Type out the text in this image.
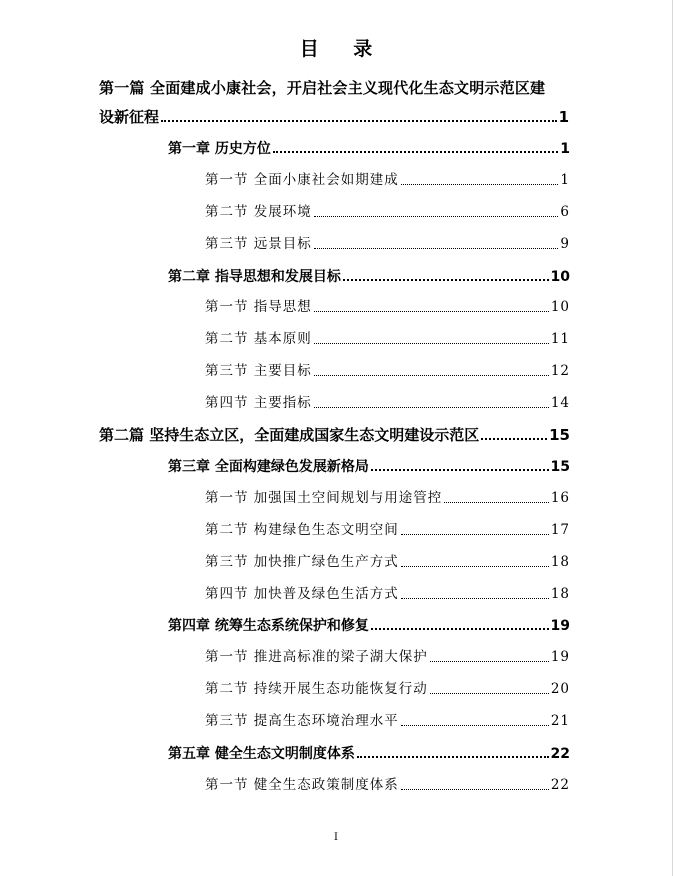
目 录
第一篇 全面建成小康社会，开启社会主义现代化生态文明示范区建
设新征程	1
第一章 历史方位	1
第一节 全面小康社会如期建成	1
第二节 发展环境	6
第三节 远景目标	9
第二章 指导思想和发展目标	10
第一节 指导思想	10
第二节 基本原则	11
第三节 主要目标	12
第四节 主要指标	14
第二篇 坚持生态立区，全面建成国家生态文明建设示范区	15
第三章 全面构建绿色发展新格局	15
第一节 加强国土空间规划与用途管控	16
第二节 构建绿色生态文明空间	17
第三节 加快推广绿色生产方式	18
第四节 加快普及绿色生活方式	18
第四章 统筹生态系统保护和修复	19
第一节 推进高标准的梁子湖大保护	19
第二节 持续开展生态功能恢复行动	20
第三节 提高生态环境治理水平	21
第五章 健全生态文明制度体系	22
第一节 健全生态政策制度体系	22
I
